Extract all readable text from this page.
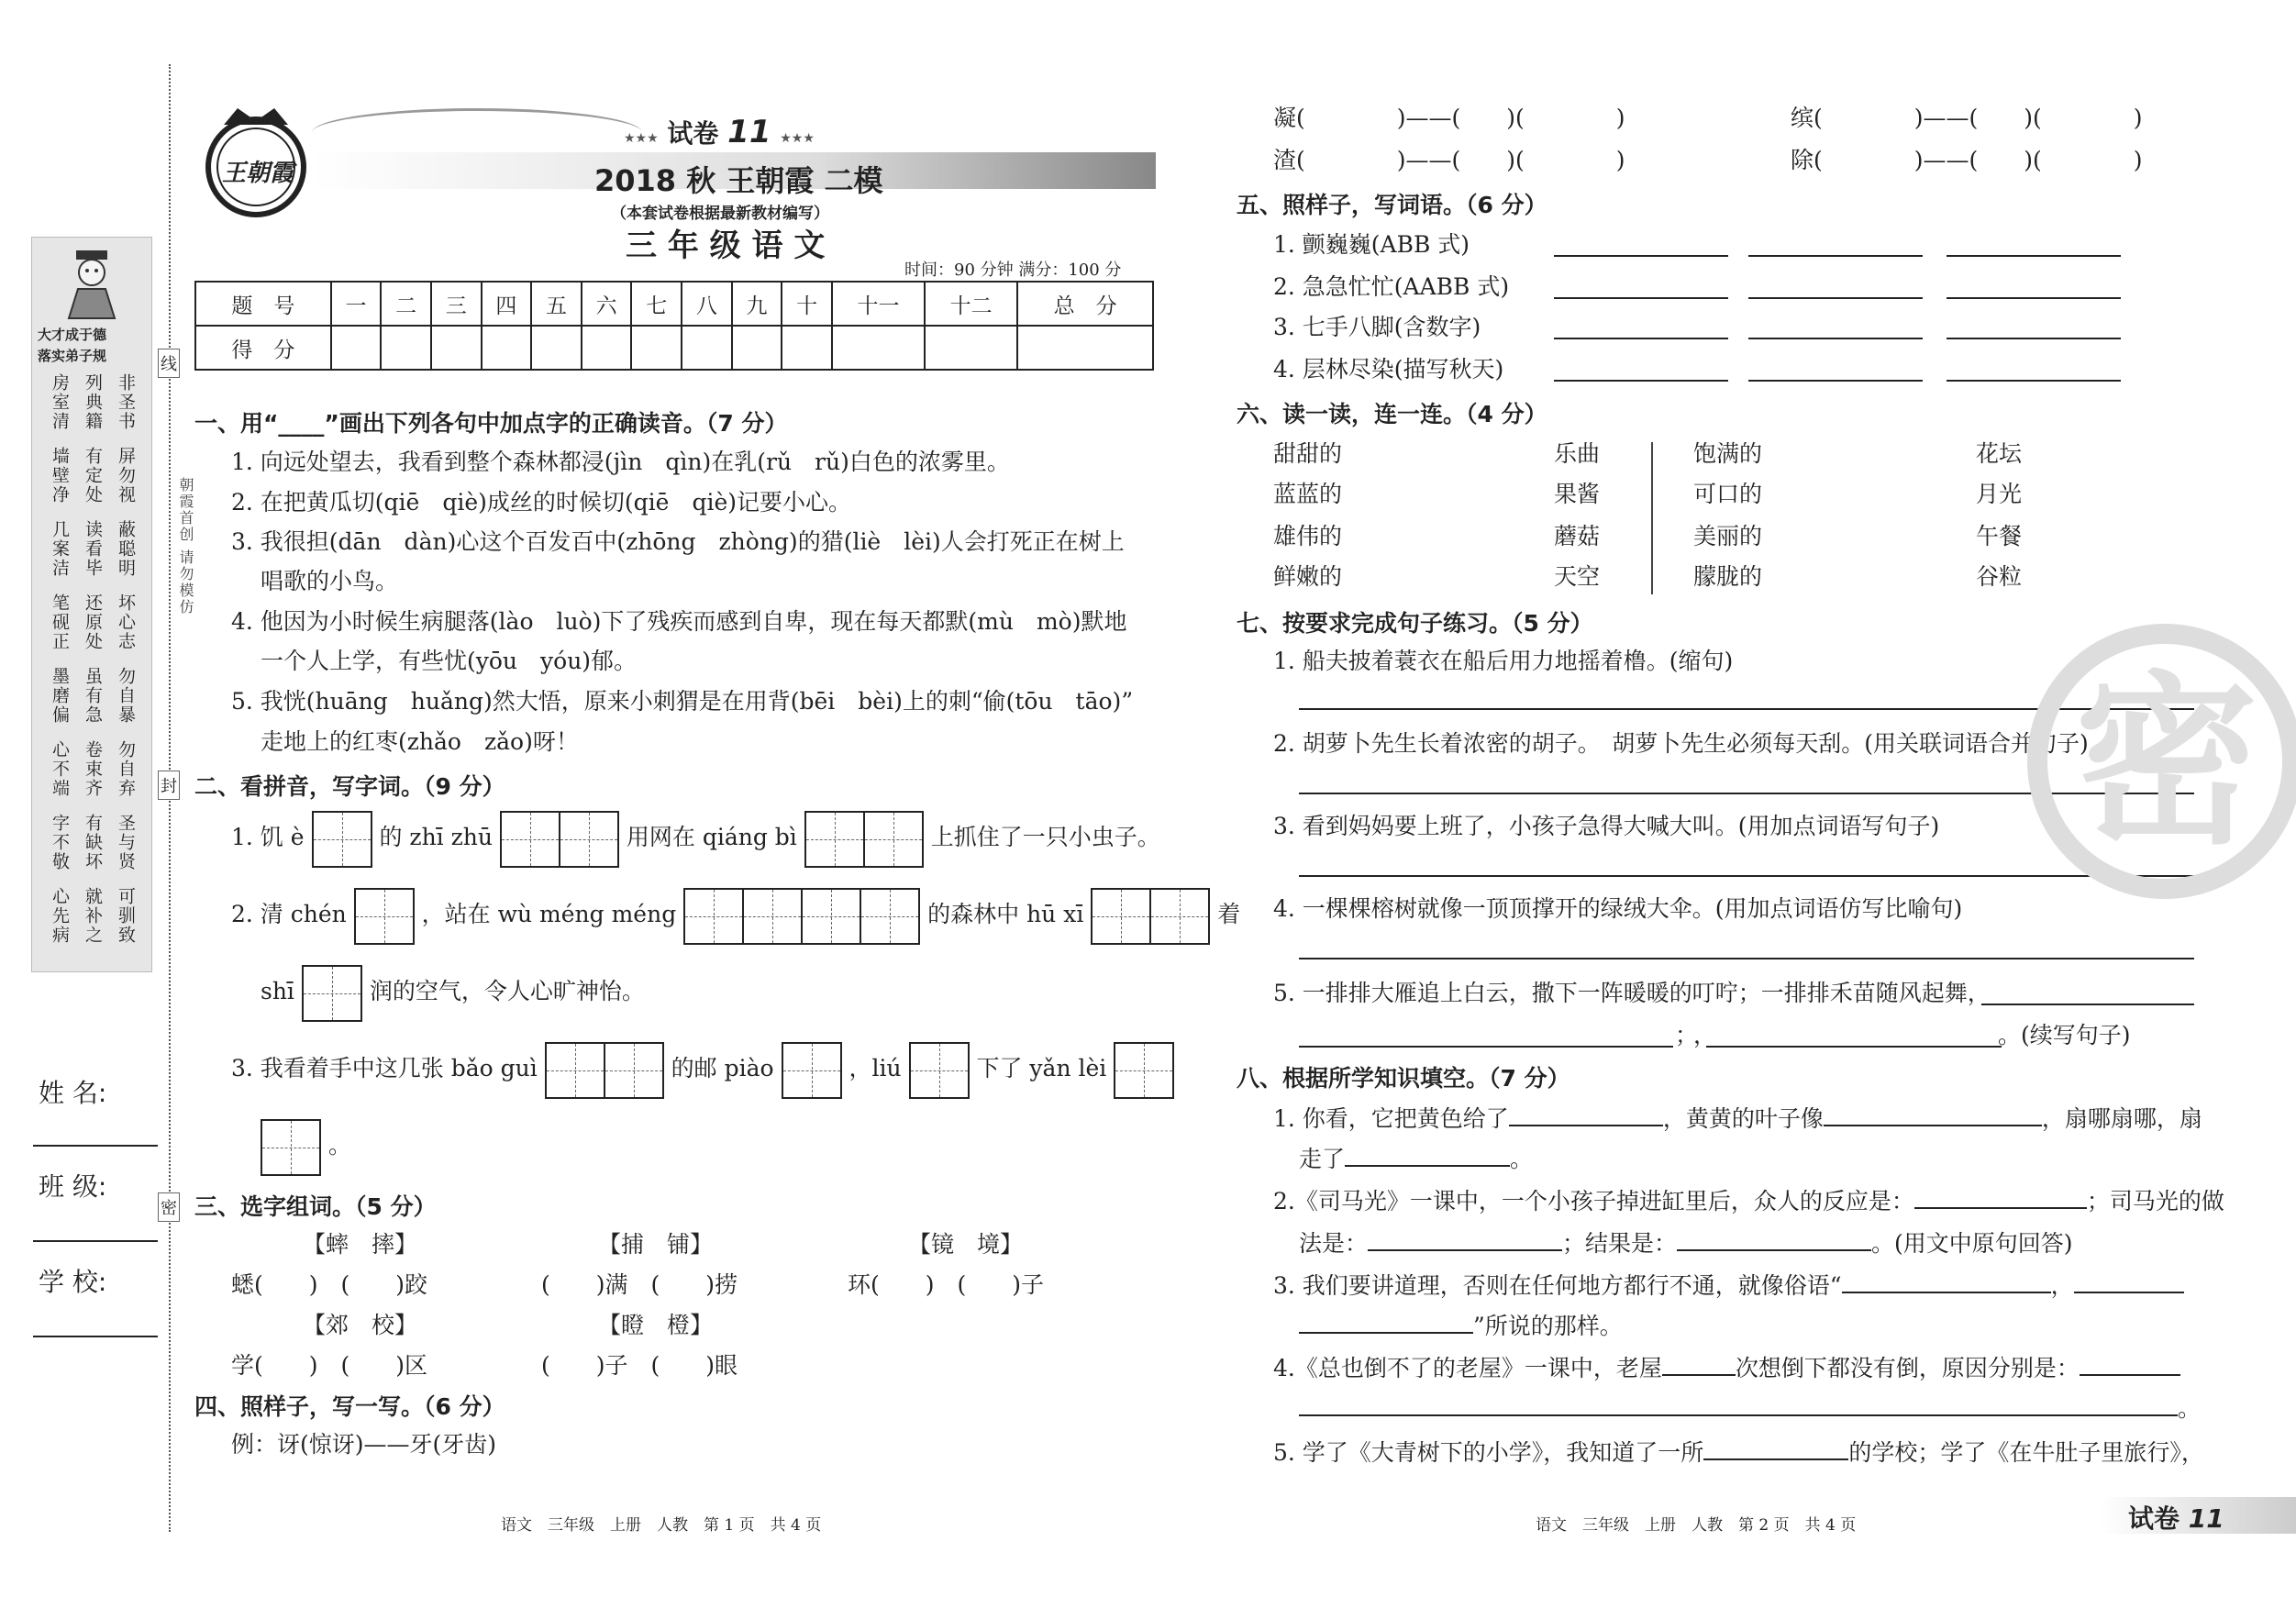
线
朝霞首创 请勿模仿
封
密
大才成于德
落实弟子规
非圣书
列典籍
房室清
屏勿视
有定处
墙壁净
蔽聪明
读看毕
几案洁
坏心志
还原处
笔砚正
勿自暴
虽有急
墨磨偏
勿自弃
卷束齐
心不端
圣与贤
有缺坏
字不敬
可驯致
就补之
心先病
姓 名:
班 级:
学 校:
王朝霞
★★★ 试卷 11 ★★★
2018 秋 王朝霞 二模
（本套试卷根据最新教材编写）
三 年 级 语 文
时间：90 分钟 满分：100 分
题　号	一	二	三	四	五	六	七	八	九	十	十一	十二	总　分
得　分													
一、用“____”画出下列各句中加点字的正确读音。（7 分）
1. 向远处望去，我看到整个森林都浸(jìn　qìn)在乳(rǔ　rǔ)白色的浓雾里。
2. 在把黄瓜切(qiē　qiè)成丝的时候切(qiē　qiè)记要小心。
3. 我很担(dān　dàn)心这个百发百中(zhōng　zhòng)的猎(liè　lèi)人会打死正在树上
唱歌的小鸟。
4. 他因为小时候生病腿落(lào　luò)下了残疾而感到自卑，现在每天都默(mù　mò)默地
一个人上学，有些忧(yōu　yóu)郁。
5. 我恍(huāng　huǎng)然大悟，原来小刺猬是在用背(bēi　bèi)上的刺“偷(tōu　tāo)”
走地上的红枣(zhǎo　zǎo)呀！
二、看拼音，写字词。（9 分）
1. 饥 è	的 zhī zhū	用网在 qiáng bì	上抓住了一只小虫子。
2. 清 chén	，站在 wù méng méng	的森林中 hū xī	着
shī	润的空气，令人心旷神怡。
3. 我看着手中这几张 bǎo guì	的邮 piào	，liú	下了 yǎn lèi
。
三、选字组词。（5 分）
【蟀　摔】	【捕　铺】	【镜　境】
蟋(　　)　(　　)跤	(　　)满　(　　)捞	环(　　)　(　　)子
【郊　校】	【瞪　橙】
学(　　)　(　　)区	(　　)子　(　　)眼
四、照样子，写一写。（6 分）
例：讶(惊讶)——牙(牙齿)
语文　三年级　上册　人教　第 1 页　共 4 页
凝(　　　　)——(　　)(　　　　)	缤(　　　　)——(　　)(　　　　)
渣(　　　　)——(　　)(　　　　)	除(　　　　)——(　　)(　　　　)
五、照样子，写词语。（6 分）
1. 颤巍巍(ABB 式)
2. 急急忙忙(AABB 式)
3. 七手八脚(含数字)
4. 层林尽染(描写秋天)
六、读一读，连一连。（4 分）
甜甜的
蓝蓝的
雄伟的
鲜嫩的
乐曲
果酱
蘑菇
天空
饱满的
可口的
美丽的
朦胧的
花坛
月光
午餐
谷粒
七、按要求完成句子练习。（5 分）
1. 船夫披着蓑衣在船后用力地摇着橹。(缩句)
2. 胡萝卜先生长着浓密的胡子。　胡萝卜先生必须每天刮。(用关联词语合并句子)
3. 看到妈妈要上班了，小孩子急得大喊大叫。(用加点词语写句子)
4. 一棵棵榕树就像一顶顶撑开的绿绒大伞。(用加点词语仿写比喻句)
5. 一排排大雁追上白云，撒下一阵暖暖的叮咛；一排排禾苗随风起舞，
；
，	。(续写句子)
八、根据所学知识填空。（7 分）
1. 你看，它把黄色给了	，黄黄的叶子像	，扇哪扇哪，扇
走了	。
2.《司马光》一课中，一个小孩子掉进缸里后，众人的反应是：	；司马光的做
法是：	；结果是：	。(用文中原句回答)
3. 我们要讲道理，否则在任何地方都行不通，就像俗语“	，
”所说的那样。
4.《总也倒不了的老屋》一课中，老屋	次想倒下都没有倒，原因分别是：
。
5. 学了《大青树下的小学》，我知道了一所	的学校；学了《在牛肚子里旅行》，
语文　三年级　上册　人教　第 2 页　共 4 页	试卷 11
密
